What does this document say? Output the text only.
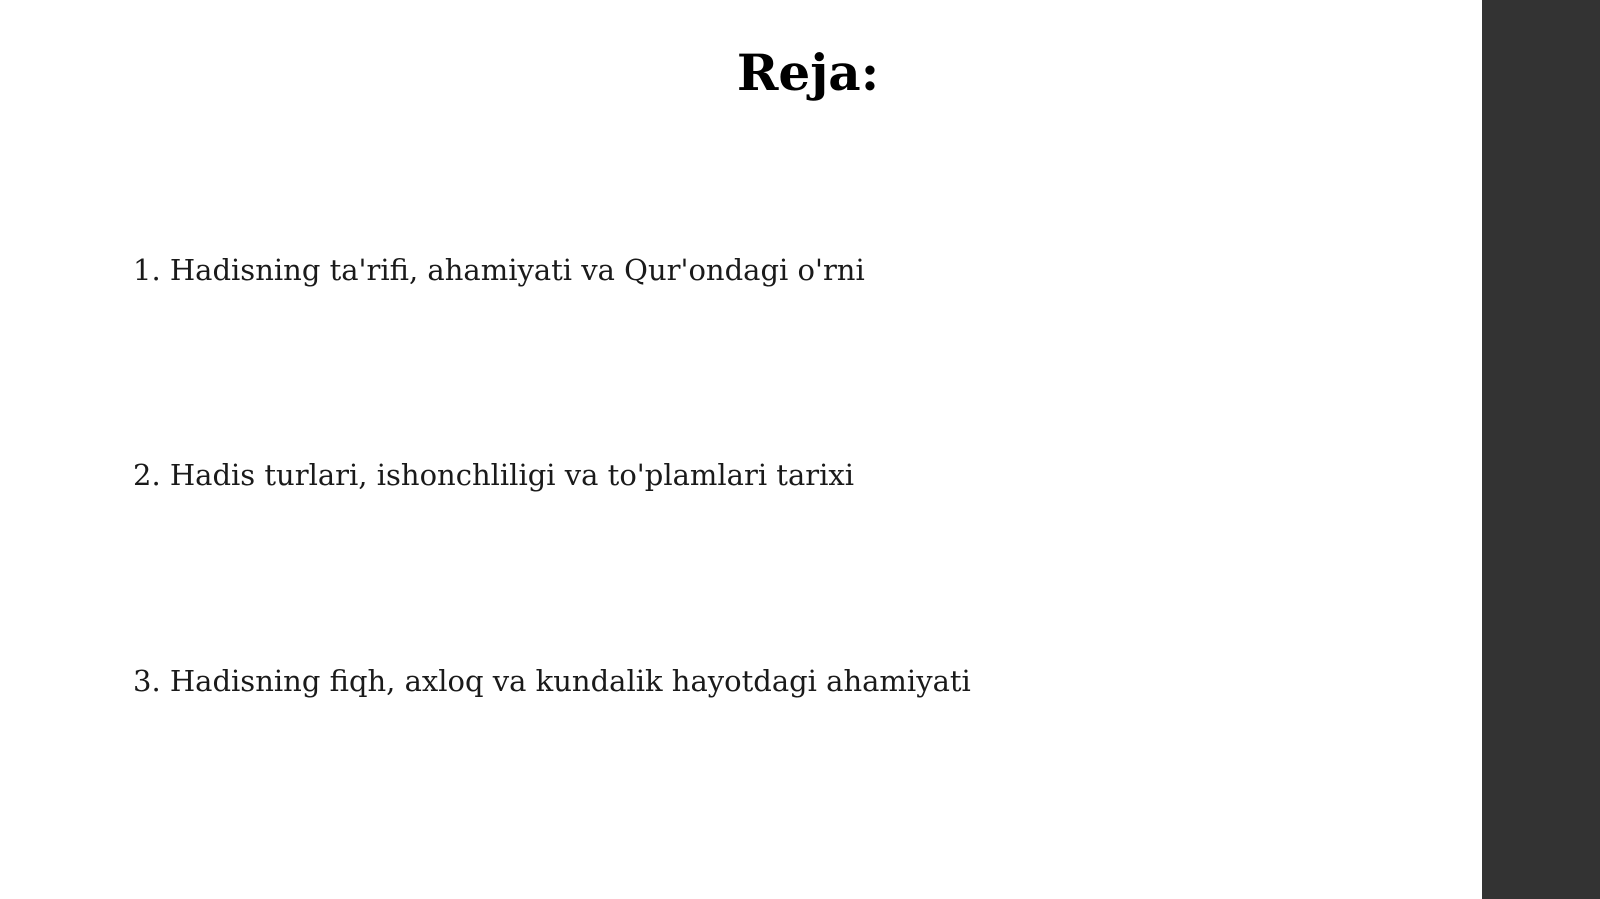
Reja:

1. Hadisning ta'rifi, ahamiyati va Qur'ondagi o'rni

2. Hadis turlari, ishonchliligi va to'plamlari tarixi

3. Hadisning fiqh, axloq va kundalik hayotdagi ahamiyati
